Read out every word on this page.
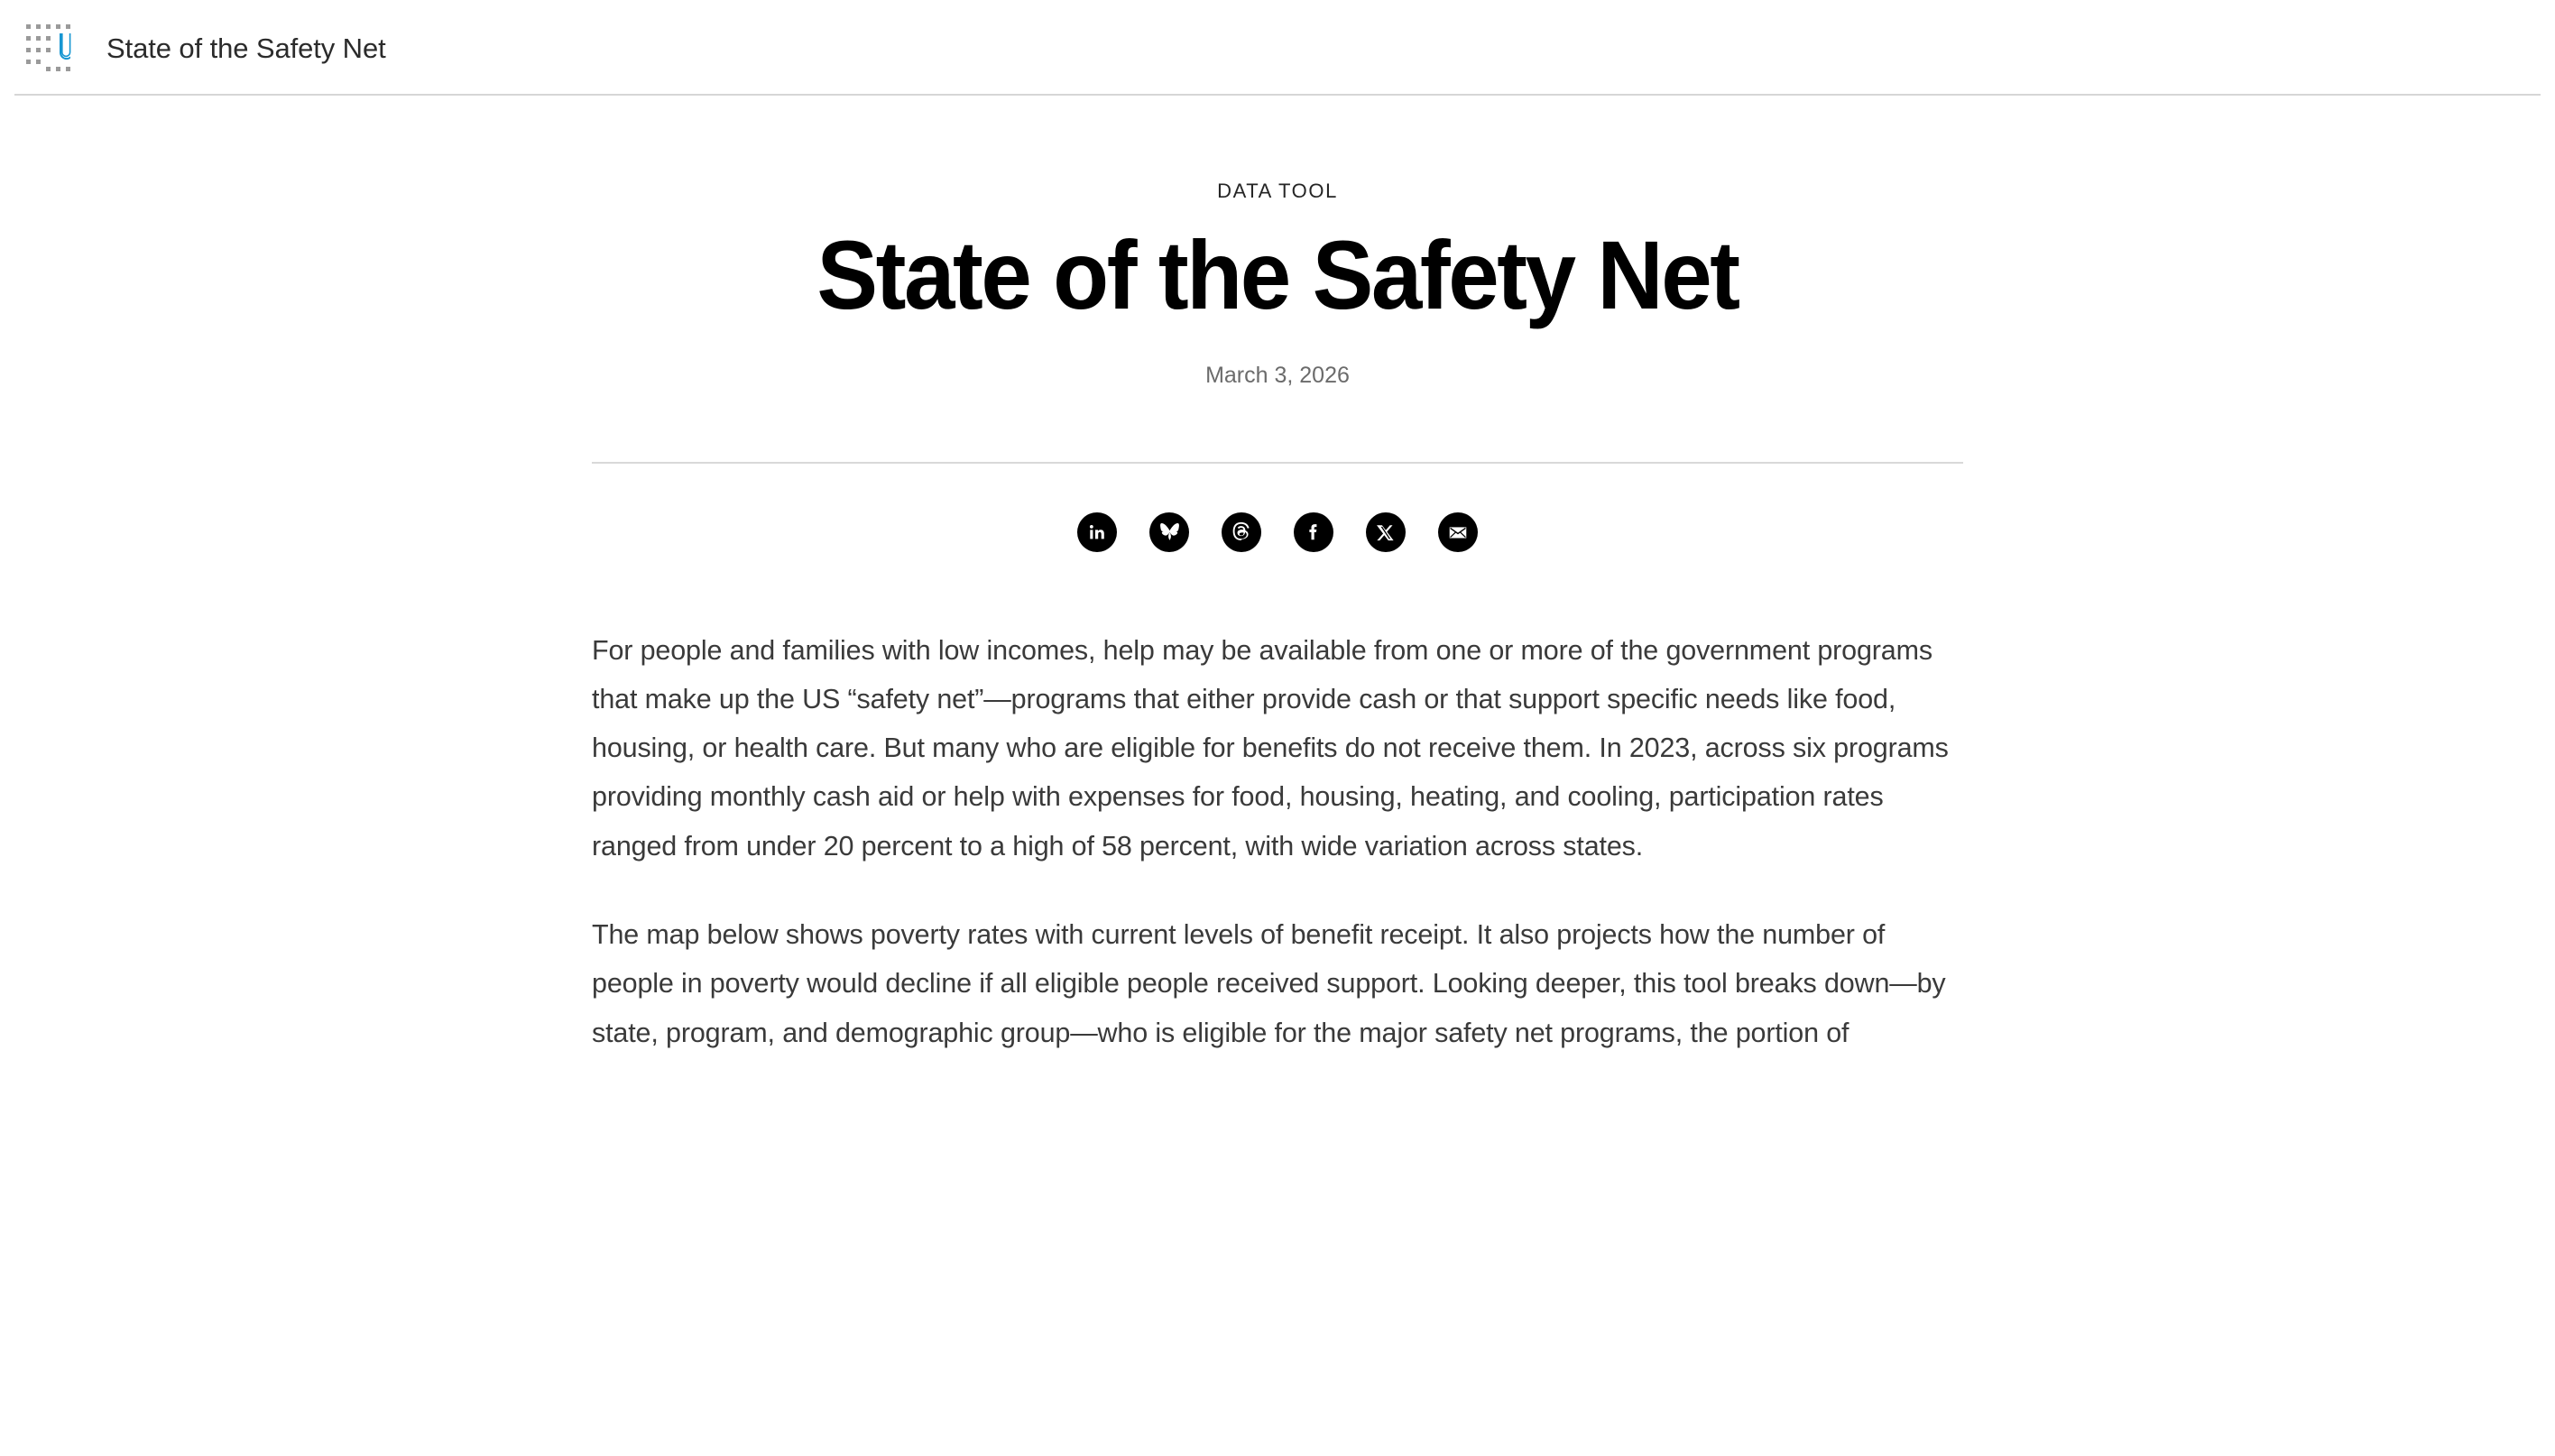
State of the Safety Net
DATA TOOL
State of the Safety Net
March 3, 2026

For people and families with low incomes, help may be available from one or more of the government programs that make up the US “safety net”—programs that either provide cash or that support specific needs like food, housing, or health care. But many who are eligible for benefits do not receive them. In 2023, across six programs providing monthly cash aid or help with expenses for food, housing, heating, and cooling, participation rates ranged from under 20 percent to a high of 58 percent, with wide variation across states.

The map below shows poverty rates with current levels of benefit receipt. It also projects how the number of people in poverty would decline if all eligible people received support. Looking deeper, this tool breaks down—by state, program, and demographic group—who is eligible for the major safety net programs, the portion of
